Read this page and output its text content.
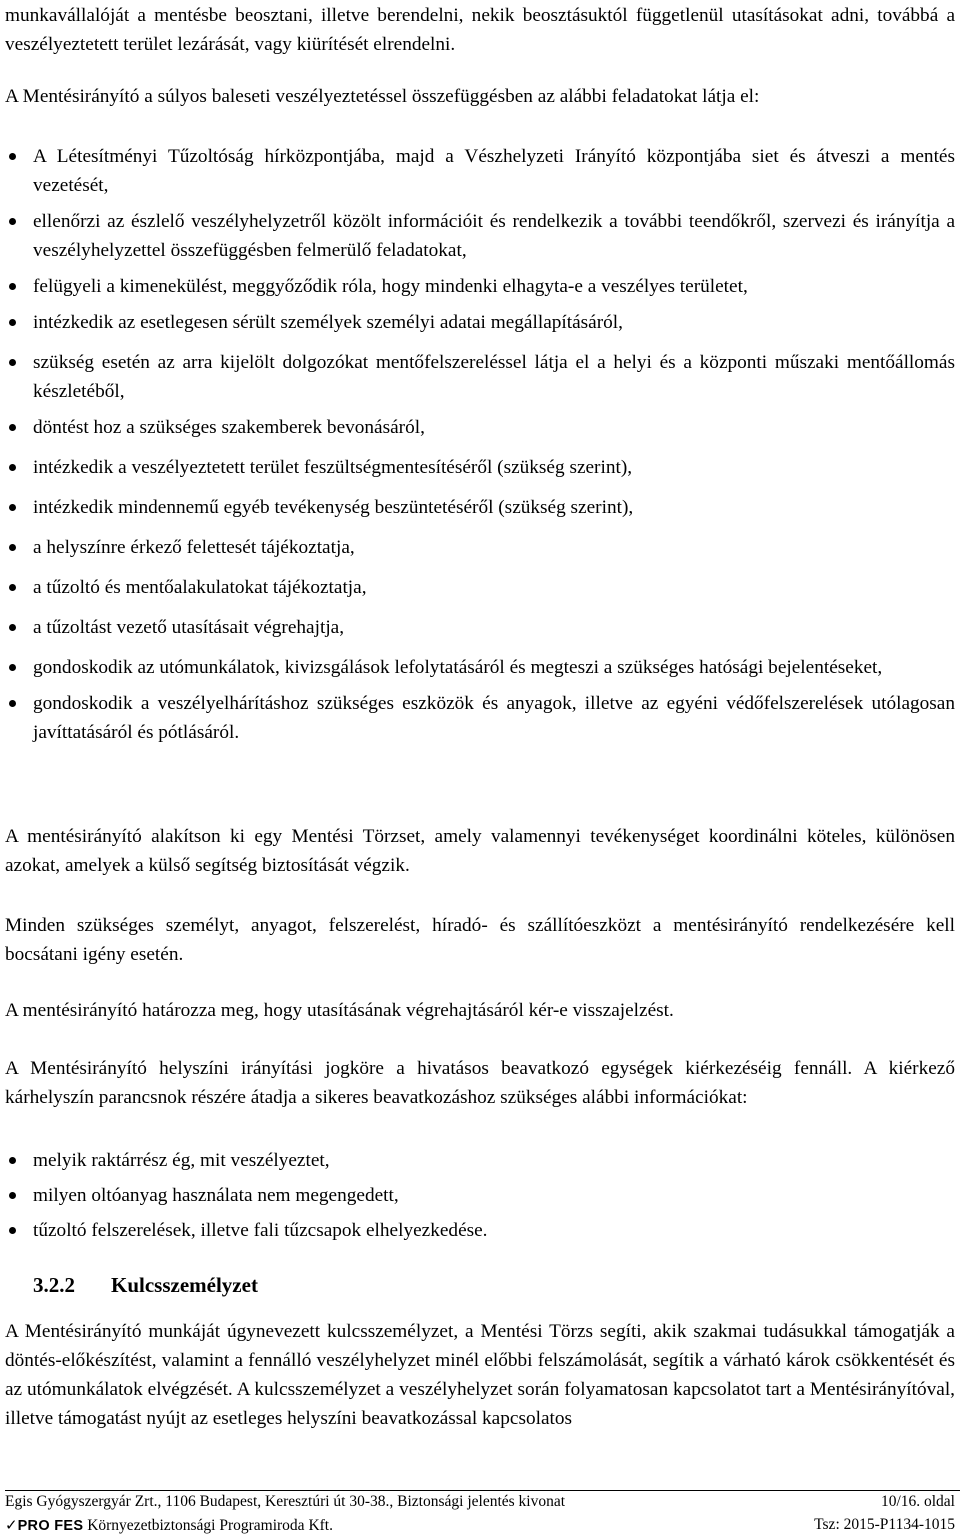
munkavállalóját a mentésbe beosztani, illetve berendelni, nekik beosztásuktól függetlenül utasításokat adni, továbbá a veszélyeztetett terület lezárását, vagy kiürítését elrendelni.

A Mentésirányító a súlyos baleseti veszélyeztetéssel összefüggésben az alábbi feladatokat látja el:

A Létesítményi Tűzoltóság hírközpontjába, majd a Vészhelyzeti Irányító központjába siet és átveszi a mentés vezetését,
ellenőrzi az észlelő veszélyhelyzetről közölt információit és rendelkezik a további teendőkről, szervezi és irányítja a veszélyhelyzettel összefüggésben felmerülő feladatokat,
felügyeli a kimenekülést, meggyőződik róla, hogy mindenki elhagyta-e a veszélyes területet,
intézkedik az esetlegesen sérült személyek személyi adatai megállapításáról,
szükség esetén az arra kijelölt dolgozókat mentőfelszereléssel látja el a helyi és a központi műszaki mentőállomás készletéből,
döntést hoz a szükséges szakemberek bevonásáról,
intézkedik a veszélyeztetett terület feszültségmentesítéséről (szükség szerint),
intézkedik mindennemű egyéb tevékenység beszüntetéséről (szükség szerint),
a helyszínre érkező felettesét tájékoztatja,
a tűzoltó és mentőalakulatokat tájékoztatja,
a tűzoltást vezető utasításait végrehajtja,
gondoskodik az utómunkálatok, kivizsgálások lefolytatásáról és megteszi a szükséges hatósági bejelentéseket,
gondoskodik a veszélyelhárításhoz szükséges eszközök és anyagok, illetve az egyéni védőfelszerelések utólagosan javíttatásáról és pótlásáról.

A mentésirányító alakítson ki egy Mentési Törzset, amely valamennyi tevékenységet koordinálni köteles, különösen azokat, amelyek a külső segítség biztosítását végzik.

Minden szükséges személyt, anyagot, felszerelést, híradó- és szállítóeszközt a mentésirányító rendelkezésére kell bocsátani igény esetén.

A mentésirányító határozza meg, hogy utasításának végrehajtásáról kér-e visszajelzést.

A Mentésirányító helyszíni irányítási jogköre a hivatásos beavatkozó egységek kiérkezéséig fennáll. A kiérkező kárhelyszín parancsnok részére átadja a sikeres beavatkozáshoz szükséges alábbi információkat:

melyik raktárrész ég, mit veszélyeztet,
milyen oltóanyag használata nem megengedett,
tűzoltó felszerelések, illetve fali tűzcsapok elhelyezkedése.
3.2.2 Kulcsszemélyzet

A Mentésirányító munkáját úgynevezett kulcsszemélyzet, a Mentési Törzs segíti, akik szakmai tudásukkal támogatják a döntés-előkészítést, valamint a fennálló veszélyhelyzet minél előbbi felszámolását, segítik a várható károk csökkentését és az utómunkálatok elvégzését. A kulcsszemélyzet a veszélyhelyzet során folyamatosan kapcsolatot tart a Mentésirányítóval, illetve támogatást nyújt az esetleges helyszíni beavatkozással kapcsolatos

Egis Gyógyszergyár Zrt., 1106 Budapest, Keresztúri út 30-38., Biztonsági jelentés kivonat	10/16. oldal
✓PRO FES Környezetbiztonsági Programiroda Kft.	Tsz: 2015-P1134-1015
